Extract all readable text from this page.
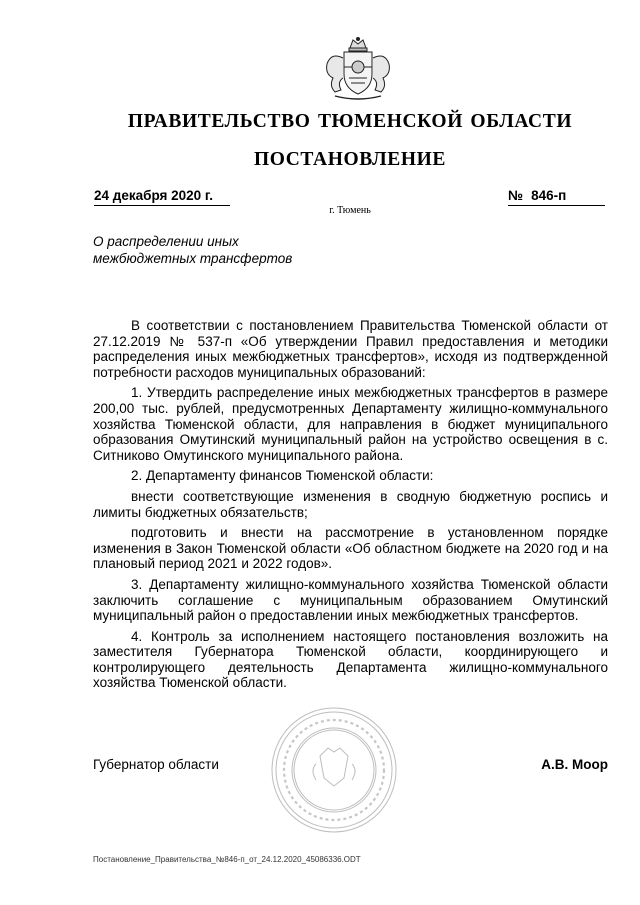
ПРАВИТЕЛЬСТВО ТЮМЕНСКОЙ ОБЛАСТИ
ПОСТАНОВЛЕНИЕ
24 декабря 2020 г.	№ 846-п
г. Тюмень
О распределении иных
межбюджетных трансфертов

В соответствии с постановлением Правительства Тюменской области от 27.12.2019 № 537-п «Об утверждении Правил предоставления и методики распределения иных межбюджетных трансфертов», исходя из подтвержденной потребности расходов муниципальных образований:

1. Утвердить распределение иных межбюджетных трансфертов в размере 200,00 тыс. рублей, предусмотренных Департаменту жилищно-коммунального хозяйства Тюменской области, для направления в бюджет муниципального образования Омутинский муниципальный район на устройство освещения в с. Ситниково Омутинского муниципального района.

2. Департаменту финансов Тюменской области:

внести соответствующие изменения в сводную бюджетную роспись и лимиты бюджетных обязательств;

подготовить и внести на рассмотрение в установленном порядке изменения в Закон Тюменской области «Об областном бюджете на 2020 год и на плановый период 2021 и 2022 годов».

3. Департаменту жилищно-коммунального хозяйства Тюменской области заключить соглашение с муниципальным образованием Омутинский муниципальный район о предоставлении иных межбюджетных трансфертов.

4. Контроль за исполнением настоящего постановления возложить на заместителя Губернатора Тюменской области, координирующего и контролирующего деятельность Департамента жилищно-коммунального хозяйства Тюменской области.

Губернатор области	А.В. Моор
Постановление_Правительства_№846-п_от_24.12.2020_45086336.ODT
